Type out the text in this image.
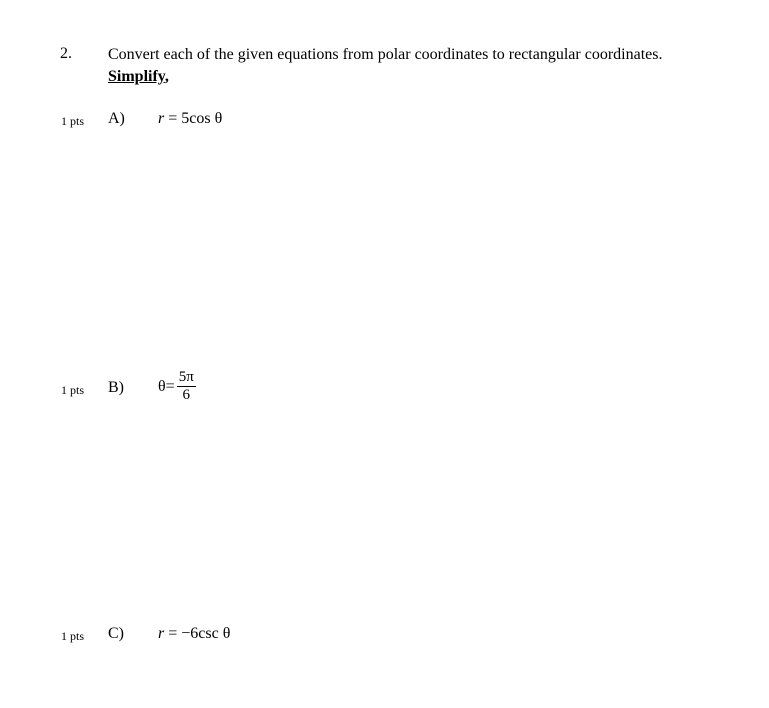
2. Convert each of the given equations from polar coordinates to rectangular coordinates.
Simplify,
1 pts A) r = 5cos θ
1 pts B) $\theta= \frac{5\pi}{6}$
1 pts C) r = −6csc θ
